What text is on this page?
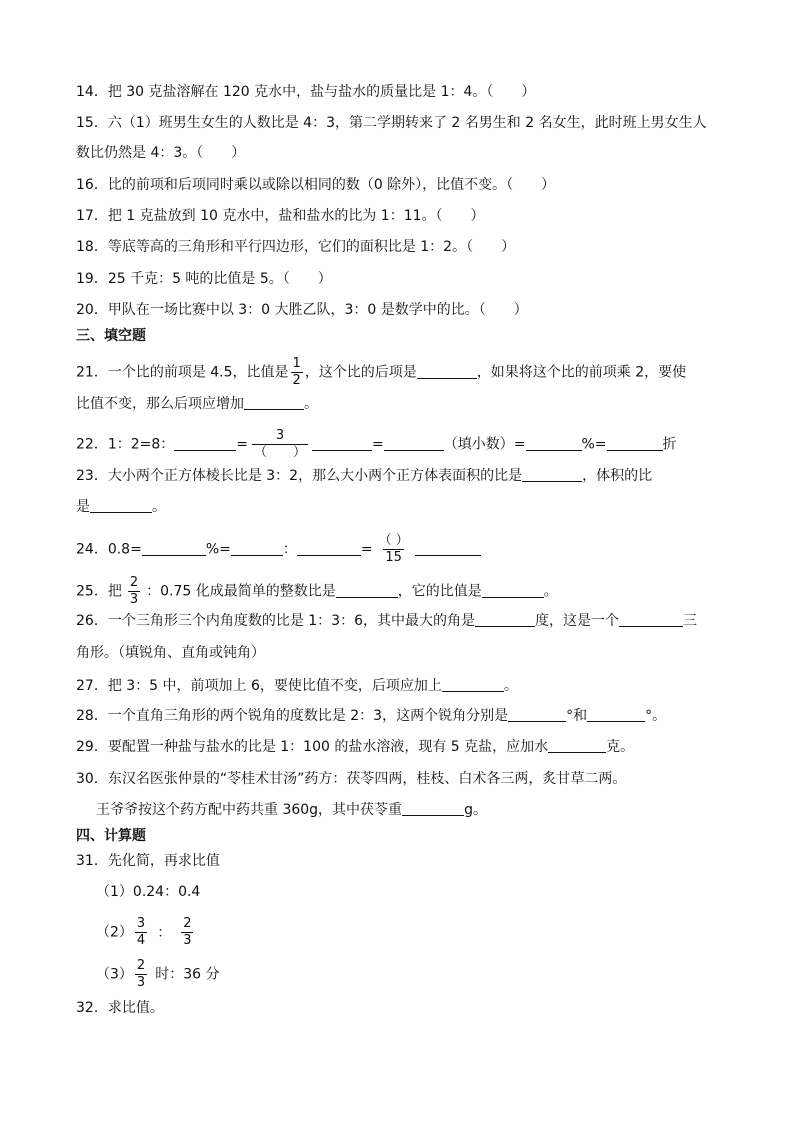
14．把 30 克盐溶解在 120 克水中，盐与盐水的质量比是 1：4。（　　）
15．六（1）班男生女生的人数比是 4：3，第二学期转来了 2 名男生和 2 名女生，此时班上男女生人
数比仍然是 4：3。（　　）
16．比的前项和后项同时乘以或除以相同的数（0 除外），比值不变。（　　）
17．把 1 克盐放到 10 克水中，盐和盐水的比为 1：11。（　　）
18．等底等高的三角形和平行四边形，它们的面积比是 1：2。（　　）
19．25 千克：5 吨的比值是 5。（　　）
20．甲队在一场比赛中以 3：0 大胜乙队，3：0 是数学中的比。（　　）
三、填空题
21．一个比的前项是 4.5，比值是 $\frac{1}{2}$ ，这个比的后项是	，如果将这个比的前项乘 2，要使
比值不变，那么后项应增加	。
22．1：2=8：	= $\frac{3}{( )}$	=	（填小数）=	%=	折
23．大小两个正方体棱长比是 3：2，那么大小两个正方体表面积的比是	，体积的比
是	。
24．0.8=	%=	：	= $\frac{( )}{15}$
25．把 $\frac{2}{3}$ ：0.75 化成最简单的整数比是	，它的比值是	。
26．一个三角形三个内角度数的比是 1：3：6，其中最大的角是	度，这是一个	三
角形。（填锐角、直角或钝角）
27．把 3：5 中，前项加上 6，要使比值不变，后项应加上	。
28．一个直角三角形的两个锐角的度数比是 2：3，这两个锐角分别是	°和	°。
29．要配置一种盐与盐水的比是 1：100 的盐水溶液，现有 5 克盐，应加水	克。
30．东汉名医张仲景的“苓桂术甘汤”药方：茯苓四两，桂枝、白术各三两，炙甘草二两。
王爷爷按这个药方配中药共重 360g，其中茯苓重	g。
四、计算题
31．先化简，再求比值
（1）0.24：0.4
$(2) \frac{3}{4}$ ： $\frac{2}{3}$
$(3) \frac{2}{3}$ 时：36 分
32．求比值。
